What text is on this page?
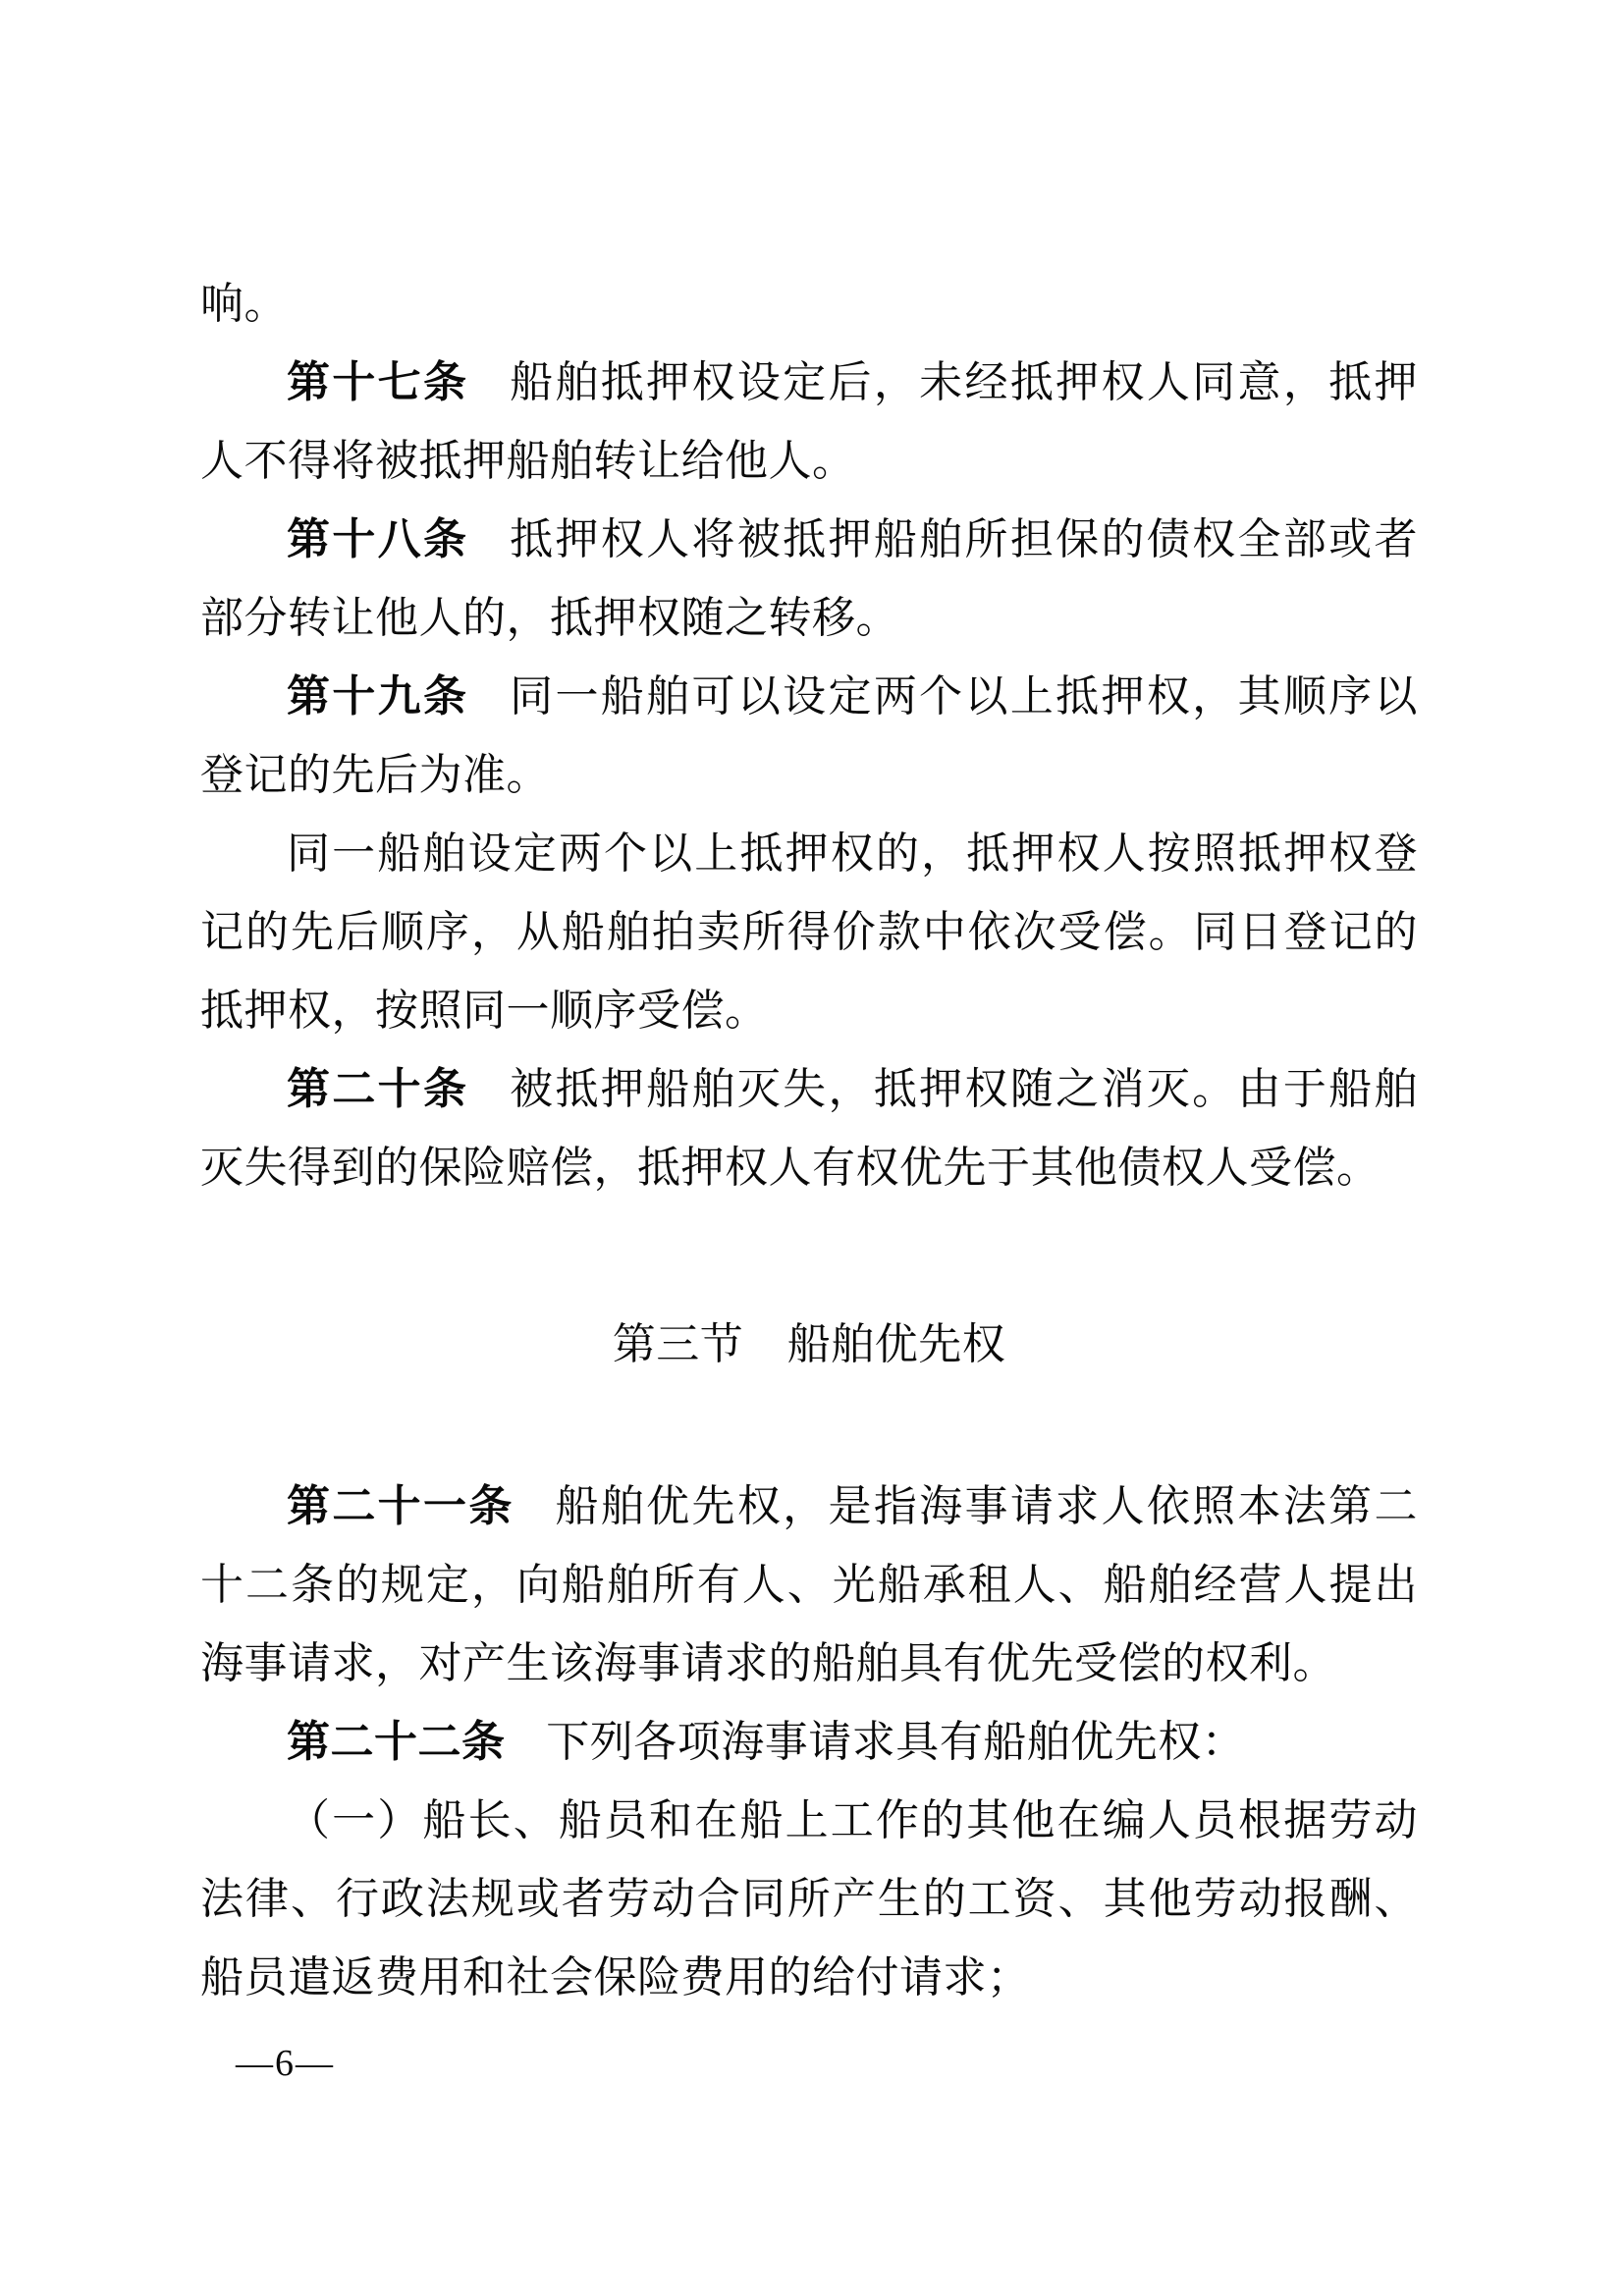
响。

第十七条 船舶抵押权设定后，未经抵押权人同意，抵押人不得将被抵押船舶转让给他人。

第十八条 抵押权人将被抵押船舶所担保的债权全部或者部分转让他人的，抵押权随之转移。

第十九条 同一船舶可以设定两个以上抵押权，其顺序以登记的先后为准。

同一船舶设定两个以上抵押权的，抵押权人按照抵押权登记的先后顺序，从船舶拍卖所得价款中依次受偿。同日登记的抵押权，按照同一顺序受偿。

第二十条 被抵押船舶灭失，抵押权随之消灭。由于船舶灭失得到的保险赔偿，抵押权人有权优先于其他债权人受偿。

第三节　船舶优先权

第二十一条 船舶优先权，是指海事请求人依照本法第二十二条的规定，向船舶所有人、光船承租人、船舶经营人提出海事请求，对产生该海事请求的船舶具有优先受偿的权利。

第二十二条 下列各项海事请求具有船舶优先权：

（一）船长、船员和在船上工作的其他在编人员根据劳动法律、行政法规或者劳动合同所产生的工资、其他劳动报酬、船员遣返费用和社会保险费用的给付请求；

—6—
